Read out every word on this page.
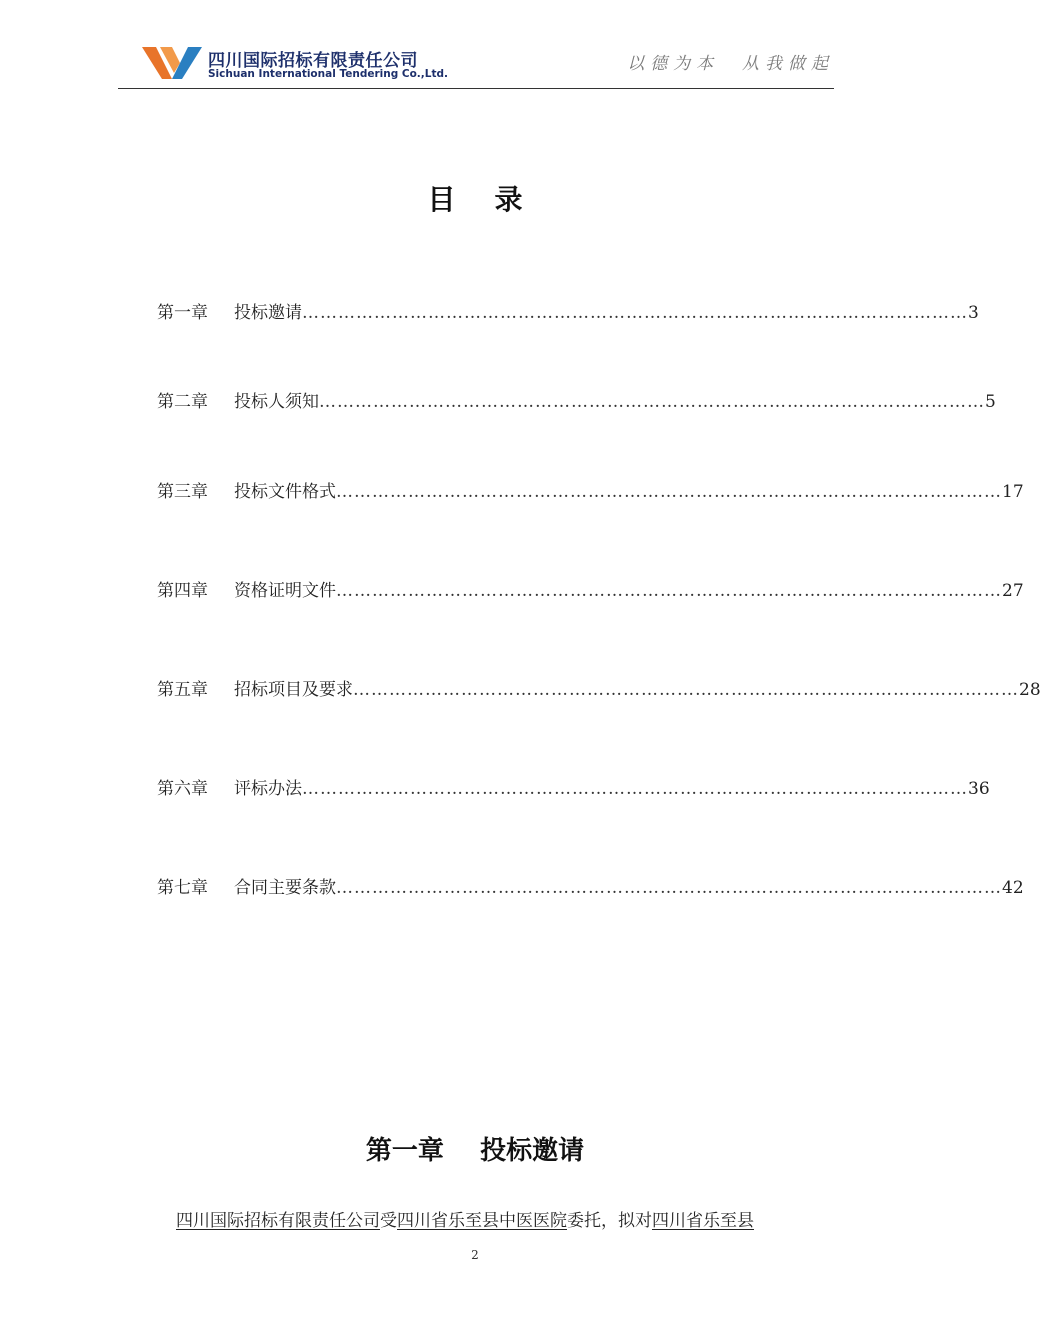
四川国际招标有限责任公司
Sichuan International Tendering Co.,Ltd.	以德为本  从我做起
目    录
第一章	投标邀请 ………………………………………………………………………………………………… 3
第二章	投标人须知 ………………………………………………………………………………………………… 5
第三章	投标文件格式 ………………………………………………………………………………………………… 17
第四章	资格证明文件 ………………………………………………………………………………………………… 27
第五章	招标项目及要求 ………………………………………………………………………………………………… 28
第六章	评标办法 ………………………………………………………………………………………………… 36
第七章	合同主要条款 ………………………………………………………………………………………………… 42
第一章    投标邀请
四川国际招标有限责任公司受四川省乐至县中医医院委托，拟对四川省乐至县
2
